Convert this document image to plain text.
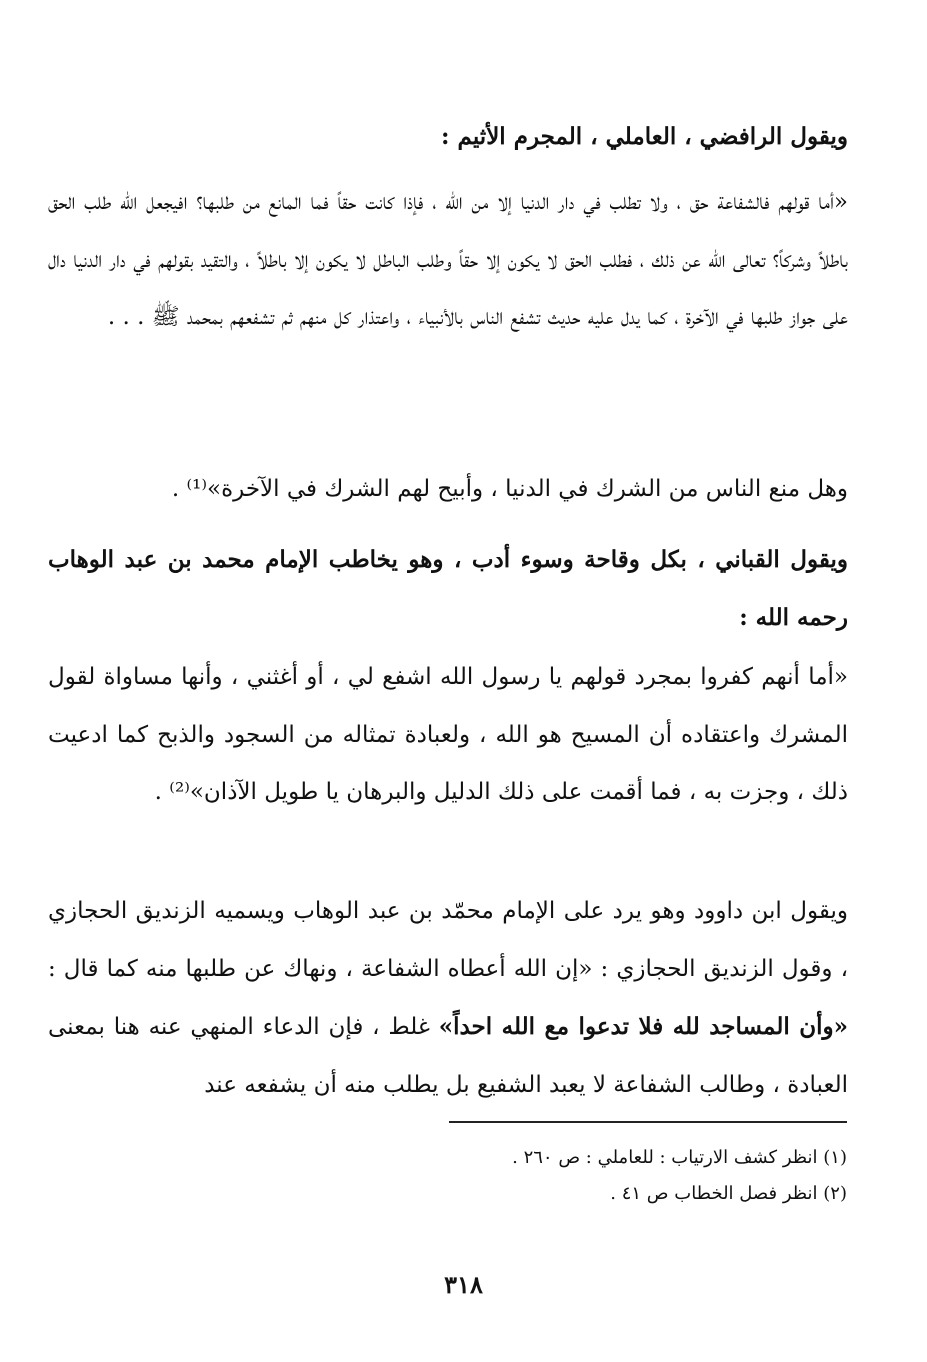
ويقول الرافضي ، العاملي ، المجرم الأثيم :

«أما قولهم فالشفاعة حق ، ولا تطلب في دار الدنيا إلا من الله ، فإذا كانت حقاً فما المانع من طلبها؟ افيجعل الله طلب الحق باطلاً وشركاً؟ تعالى الله عن ذلك ، فطلب الحق لا يكون إلا حقاً وطلب الباطل لا يكون إلا باطلاً ، والتقيد بقولهم في دار الدنيا دال على جواز طلبها في الآخرة ، كما يدل عليه حديث تشفع الناس بالأنبياء ، واعتذار كل منهم ثم تشفعهم بمحمد ﷺ . . .

وهل منع الناس من الشرك في الدنيا ، وأبيح لهم الشرك في الآخرة»⁽¹⁾ .

ويقول القباني ، بكل وقاحة وسوء أدب ، وهو يخاطب الإمام محمد بن عبد الوهاب رحمه الله :

«أما أنهم كفروا بمجرد قولهم يا رسول الله اشفع لي ، أو أغثني ، وأنها مساواة لقول المشرك واعتقاده أن المسيح هو الله ، ولعبادة تمثاله من السجود والذبح كما ادعيت ذلك ، وجزت به ، فما أقمت على ذلك الدليل والبرهان يا طويل الآذان»⁽²⁾ .

ويقول ابن داوود وهو يرد على الإمام محمّد بن عبد الوهاب ويسميه الزنديق الحجازي ، وقول الزنديق الحجازي : «إن الله أعطاه الشفاعة ، ونهاك عن طلبها منه كما قال : «وأن المساجد لله فلا تدعوا مع الله احداً» غلط ، فإن الدعاء المنهي عنه هنا بمعنى العبادة ، وطالب الشفاعة لا يعبد الشفيع بل يطلب منه أن يشفعه عند

(١) انظر كشف الارتياب : للعاملي : ص ٢٦٠ .
(٢) انظر فصل الخطاب ص ٤١ .
٣١٨
